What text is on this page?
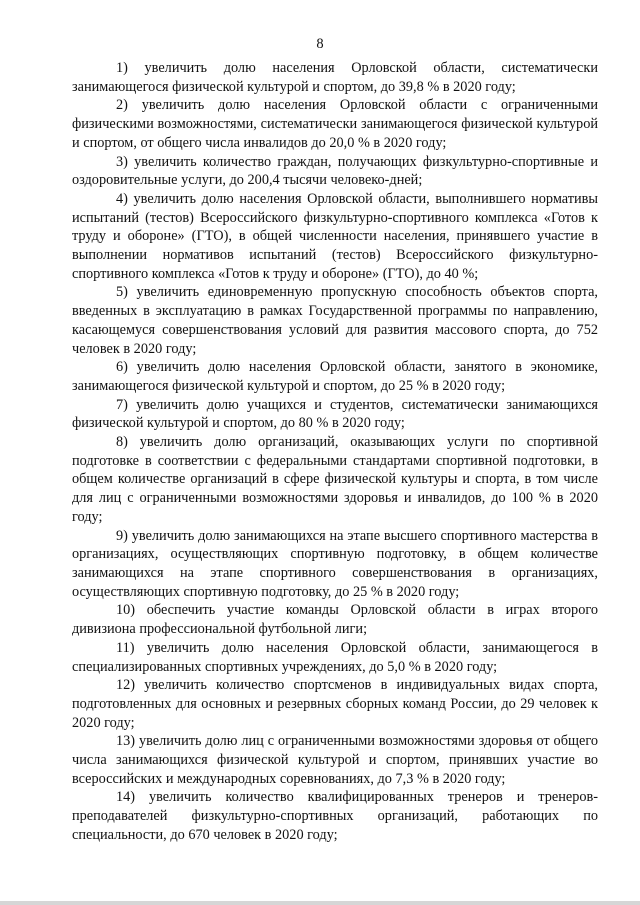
8

1) увеличить долю населения Орловской области, систематически занимающегося физической культурой и спортом, до 39,8 % в 2020 году;

2) увеличить долю населения Орловской области с ограниченными физическими возможностями, систематически занимающегося физической культурой и спортом, от общего числа инвалидов до 20,0 % в 2020 году;

3) увеличить количество граждан, получающих физкультурно-спортивные и оздоровительные услуги, до 200,4 тысячи человеко-дней;

4) увеличить долю населения Орловской области, выполнившего нормативы испытаний (тестов) Всероссийского физкультурно-спортивного комплекса «Готов к труду и обороне» (ГТО), в общей численности населения, принявшего участие в выполнении нормативов испытаний (тестов) Всероссийского физкультурно-спортивного комплекса «Готов к труду и обороне» (ГТО), до 40 %;

5) увеличить единовременную пропускную способность объектов спорта, введенных в эксплуатацию в рамках Государственной программы по направлению, касающемуся совершенствования условий для развития массового спорта, до 752 человек в 2020 году;

6) увеличить долю населения Орловской области, занятого в экономике, занимающегося физической культурой и спортом, до 25 % в 2020 году;

7) увеличить долю учащихся и студентов, систематически занимающихся физической культурой и спортом, до 80 % в 2020 году;

8) увеличить долю организаций, оказывающих услуги по спортивной подготовке в соответствии с федеральными стандартами спортивной подготовки, в общем количестве организаций в сфере физической культуры и спорта, в том числе для лиц с ограниченными возможностями здоровья и инвалидов, до 100 % в 2020 году;

9) увеличить долю занимающихся на этапе высшего спортивного мастерства в организациях, осуществляющих спортивную подготовку, в общем количестве занимающихся на этапе спортивного совершенствования в организациях, осуществляющих спортивную подготовку, до 25 % в 2020 году;

10) обеспечить участие команды Орловской области в играх второго дивизиона профессиональной футбольной лиги;

11) увеличить долю населения Орловской области, занимающегося в специализированных спортивных учреждениях, до 5,0 % в 2020 году;

12) увеличить количество спортсменов в индивидуальных видах спорта, подготовленных для основных и резервных сборных команд России, до 29 человек к 2020 году;

13) увеличить долю лиц с ограниченными возможностями здоровья от общего числа занимающихся физической культурой и спортом, принявших участие во всероссийских и международных соревнованиях, до 7,3 % в 2020 году;

14) увеличить количество квалифицированных тренеров и тренеров-преподавателей физкультурно-спортивных организаций, работающих по специальности, до 670 человек в 2020 году;
